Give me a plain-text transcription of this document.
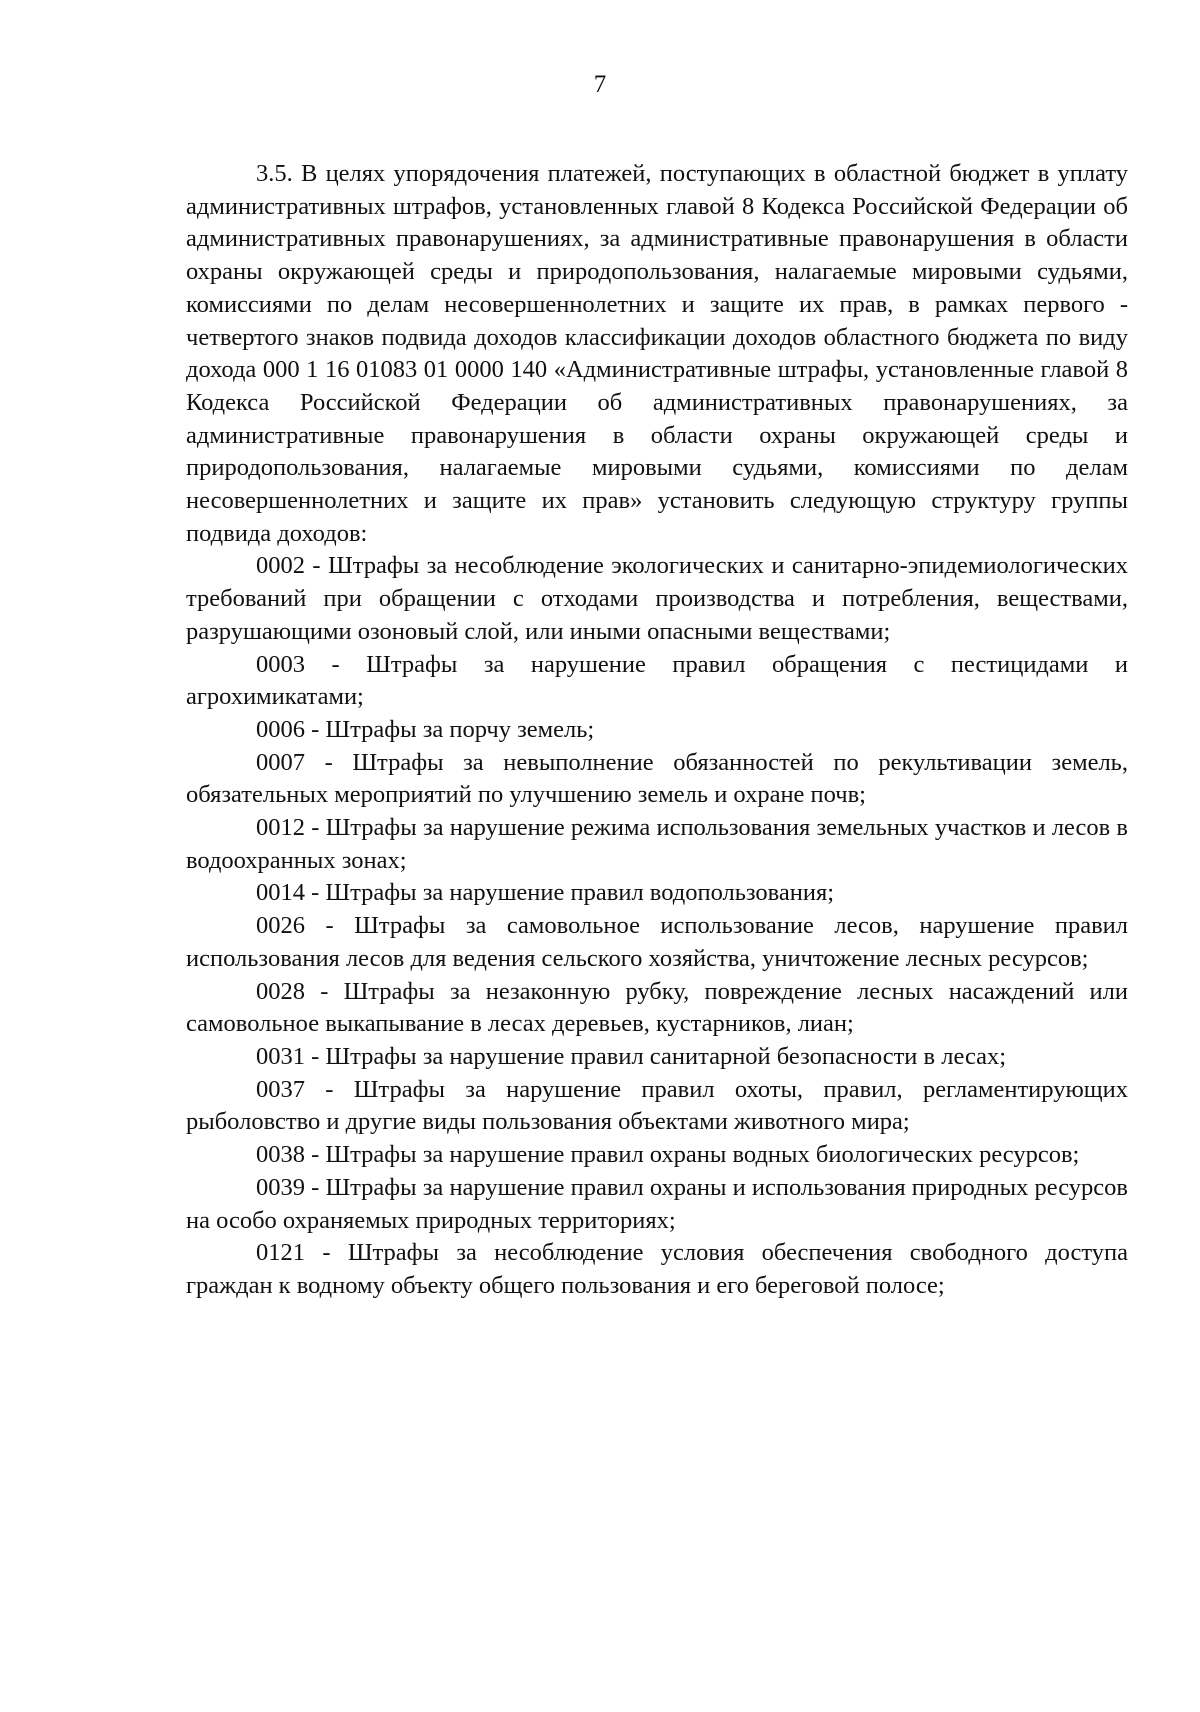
7

3.5. В целях упорядочения платежей, поступающих в областной бюджет в уплату административных штрафов, установленных главой 8 Кодекса Российской Федерации об административных правонарушениях, за административные правонарушения в области охраны окружающей среды и природопользования, налагаемые мировыми судьями, комиссиями по делам несовершеннолетних и защите их прав, в рамках первого - четвертого знаков подвида доходов классификации доходов областного бюджета по виду дохода 000 1 16 01083 01 0000 140 «Административные штрафы, установленные главой 8 Кодекса Российской Федерации об административных правонарушениях, за административные правонарушения в области охраны окружающей среды и природопользования, налагаемые мировыми судьями, комиссиями по делам несовершеннолетних и защите их прав» установить следующую структуру группы подвида доходов:

0002 - Штрафы за несоблюдение экологических и санитарно-эпидемиологических требований при обращении с отходами производства и потребления, веществами, разрушающими озоновый слой, или иными опасными веществами;

0003 - Штрафы за нарушение правил обращения с пестицидами и агрохимикатами;

0006 - Штрафы за порчу земель;

0007 - Штрафы за невыполнение обязанностей по рекультивации земель, обязательных мероприятий по улучшению земель и охране почв;

0012 - Штрафы за нарушение режима использования земельных участков и лесов в водоохранных зонах;

0014 - Штрафы за нарушение правил водопользования;

0026 - Штрафы за самовольное использование лесов, нарушение правил использования лесов для ведения сельского хозяйства, уничтожение лесных ресурсов;

0028 - Штрафы за незаконную рубку, повреждение лесных насаждений или самовольное выкапывание в лесах деревьев, кустарников, лиан;

0031 - Штрафы за нарушение правил санитарной безопасности в лесах;

0037 - Штрафы за нарушение правил охоты, правил, регламентирующих рыболовство и другие виды пользования объектами животного мира;

0038 - Штрафы за нарушение правил охраны водных биологических ресурсов;

0039 - Штрафы за нарушение правил охраны и использования природных ресурсов на особо охраняемых природных территориях;

0121 - Штрафы за несоблюдение условия обеспечения свободного доступа граждан к водному объекту общего пользования и его береговой полосе;
